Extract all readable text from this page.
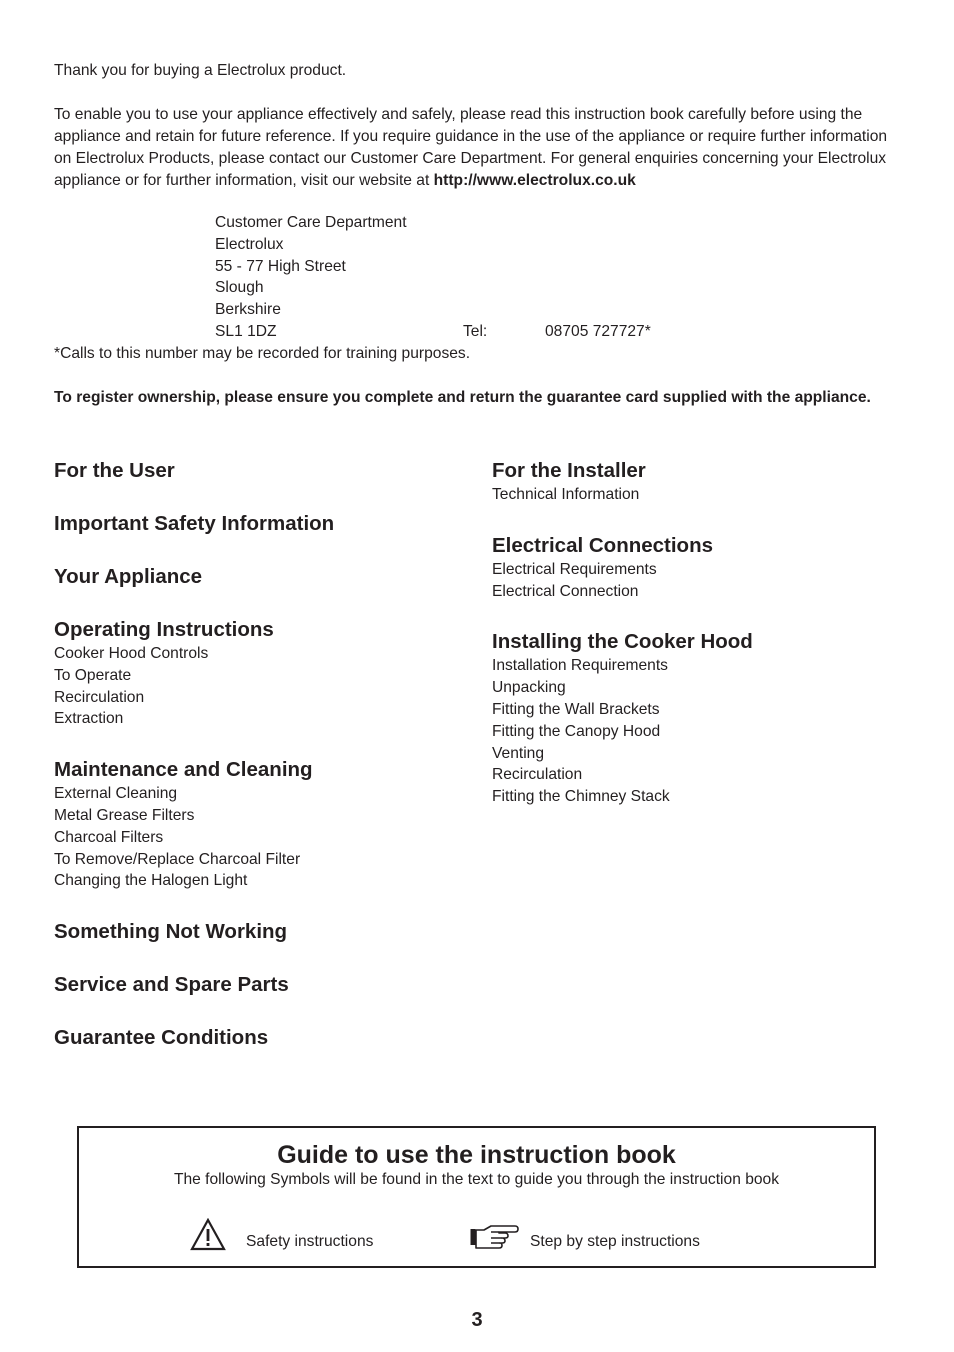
Thank you for buying a Electrolux product.

To enable you to use your appliance effectively and safely, please read this instruction book carefully before using the appliance and retain for future reference. If you require guidance in the use of the appliance or require further information on Electrolux Products, please contact our Customer Care Department. For general enquiries concerning your Electrolux appliance or for further information, visit our website at http://www.electrolux.co.uk

Customer Care Department
Electrolux
55 - 77 High Street
Slough
Berkshire
SL1 1DZ	Tel:	08705 727727*
*Calls to this number may be recorded for training purposes.
To register ownership, please ensure you complete and return the guarantee card supplied with the appliance.
For the User
Important Safety Information
Your Appliance
Operating Instructions
Cooker Hood Controls
To Operate
Recirculation
Extraction
Maintenance and Cleaning
External Cleaning
Metal Grease Filters
Charcoal Filters
To Remove/Replace Charcoal Filter
Changing the Halogen Light
Something Not Working
Service and Spare Parts
Guarantee Conditions
For the Installer
Technical Information
Electrical Connections
Electrical Requirements
Electrical Connection
Installing the Cooker Hood
Installation Requirements
Unpacking
Fitting the Wall Brackets
Fitting the Canopy Hood
Venting
Recirculation
Fitting the Chimney Stack
Guide to use the instruction book
The following Symbols will be found in the text to guide you through the instruction book
Safety instructions	Step by step instructions
3
